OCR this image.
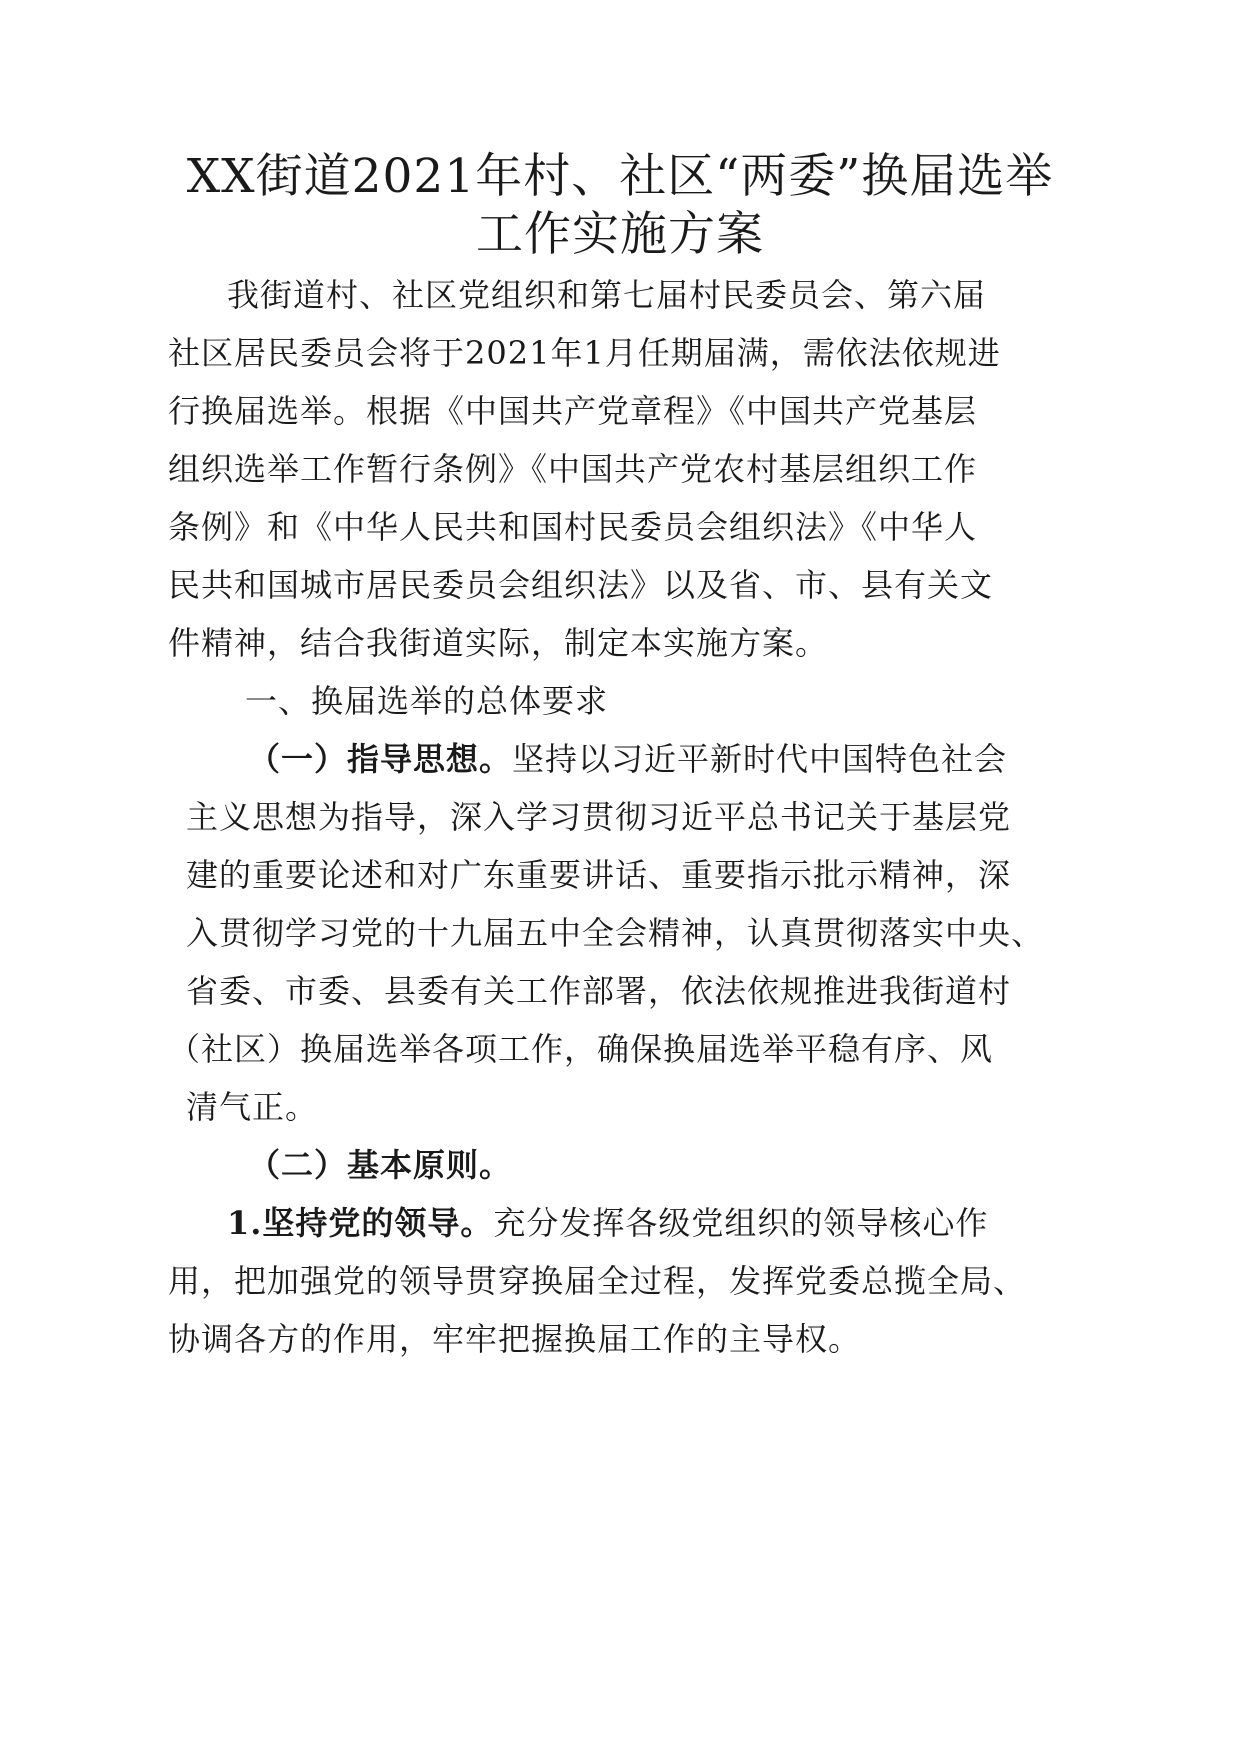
XX街道2021年村、社区“两委”换届选举
工作实施方案
我街道村、社区党组织和第七届村民委员会、第六届
社区居民委员会将于2021年1月任期届满，需依法依规进
行换届选举。根据《中国共产党章程》《中国共产党基层
组织选举工作暂行条例》《中国共产党农村基层组织工作
条例》和《中华人民共和国村民委员会组织法》《中华人
民共和国城市居民委员会组织法》以及省、市、县有关文
件精神，结合我街道实际，制定本实施方案。
一、换届选举的总体要求
（一）指导思想。坚持以习近平新时代中国特色社会
主义思想为指导，深入学习贯彻习近平总书记关于基层党
建的重要论述和对广东重要讲话、重要指示批示精神，深
入贯彻学习党的十九届五中全会精神，认真贯彻落实中央、
省委、市委、县委有关工作部署，依法依规推进我街道村
（社区）换届选举各项工作，确保换届选举平稳有序、风
清气正。
（二）基本原则。
1.坚持党的领导。充分发挥各级党组织的领导核心作
用，把加强党的领导贯穿换届全过程，发挥党委总揽全局、
协调各方的作用，牢牢把握换届工作的主导权。
